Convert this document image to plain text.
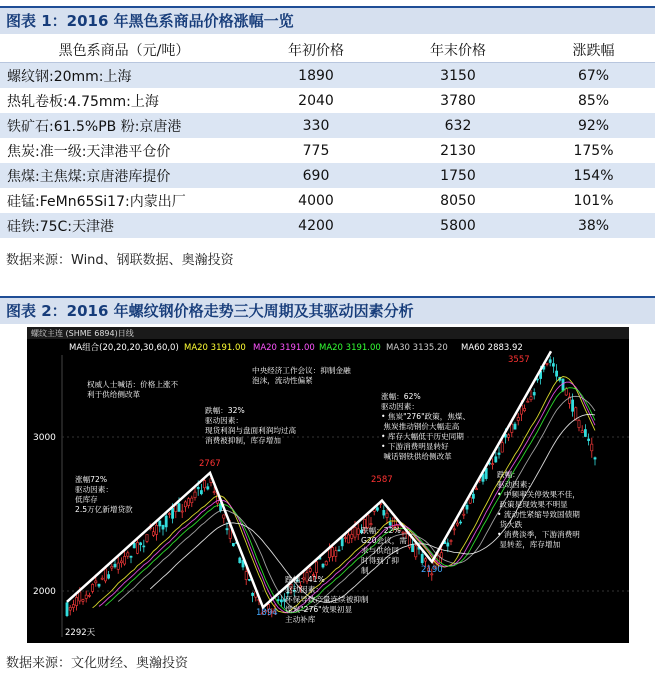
图表 1：2016 年黑色系商品价格涨幅一览
黑色系商品（元/吨）	年初价格	年末价格	涨跌幅
螺纹钢:20mm:上海	1890	3150	67%
热轧卷板:4.75mm:上海	2040	3780	85%
铁矿石:61.5%PB 粉:京唐港	330	632	92%
焦炭:准一级:天津港平仓价	775	2130	175%
焦煤:主焦煤:京唐港库提价	690	1750	154%
硅锰:FeMn65Si17:内蒙出厂	4000	8050	101%
硅铁:75C:天津港	4200	5800	38%
数据来源：Wind、钢联数据、奥瀚投资
图表 2：2016 年螺纹钢价格走势三大周期及其驱动因素分析
螺纹主连 (SHME 6894)日线
MA组合(20,20,20,30,60,0) MA20 3191.00 MA20 3191.00 MA20 3191.00 MA30 3135.20 MA60 2883.92
权威人士喊话：价格上涨不利于供给侧改革
跌幅：32%驱动因素：现货利润与盘面利润均过高消费被抑制，库存增加
中央经济工作会议：抑制金融泡沫，流动性偏紧
涨幅：62%驱动因素：• 焦炭"276"政策，焦煤、 焦炭推动钢价大幅走高• 库存大幅低于历史同期• 下游消费明显转好 喊话钢铁供给侧改革
涨幅72%驱动因素：低库存 2.5万亿新增贷款
跌幅：22% G20会议，需求与供给同时得到了抑制
跌幅：41%驱动因素：环保导致产量连续被抑制煤炭"276"效果初显主动补库
跌幅：驱动因素：• 中频率关停效果不佳， 政策是现效果不明显• 流动性紧缩导致国债期 货大跌• 消费淡季，下游消费明 显转差，库存增加
3000
2000
2292天
2767
1894
2587
2190
3557
数据来源：文化财经、奥瀚投资
